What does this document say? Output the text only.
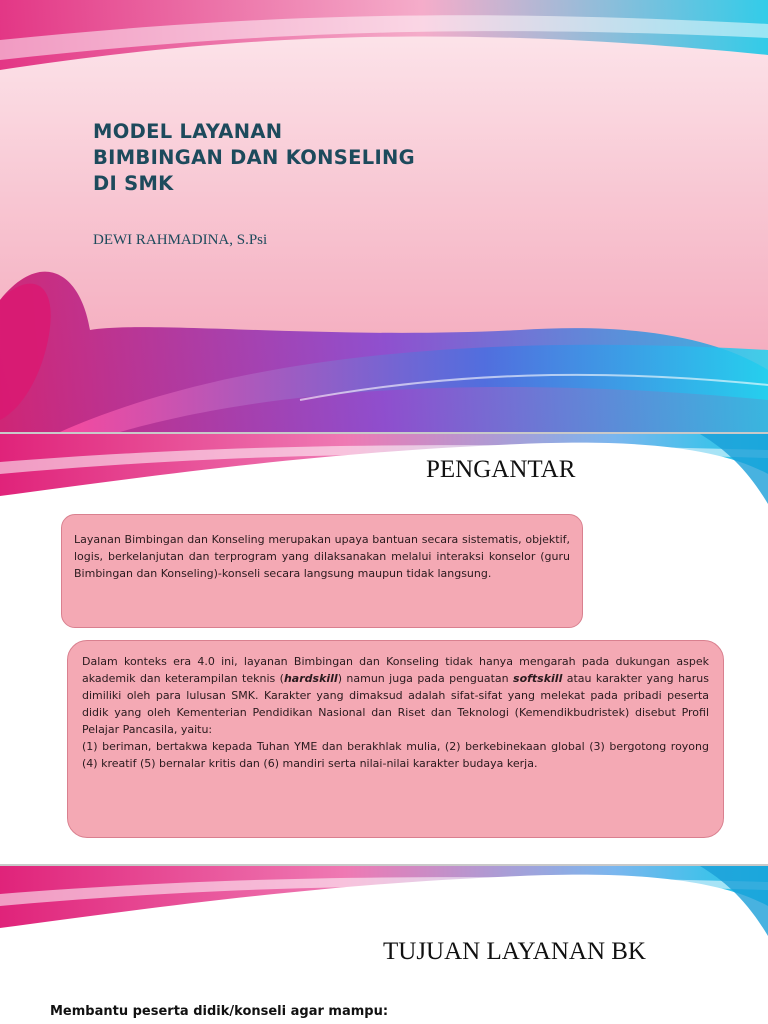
MODEL LAYANAN
BIMBINGAN DAN KONSELING
DI SMK
DEWI RAHMADINA, S.Psi
PENGANTAR

Layanan Bimbingan dan Konseling merupakan upaya bantuan secara sistematis, objektif, logis, berkelanjutan dan terprogram yang dilaksanakan melalui interaksi konselor (guru Bimbingan dan Konseling)-konseli secara langsung maupun tidak langsung.

Dalam konteks era 4.0 ini, layanan Bimbingan dan Konseling tidak hanya mengarah pada dukungan aspek akademik dan keterampilan teknis (hardskill) namun juga pada penguatan softskill atau karakter yang harus dimiliki oleh para lulusan SMK. Karakter yang dimaksud adalah sifat-sifat yang melekat pada pribadi peserta didik yang oleh Kementerian Pendidikan Nasional dan Riset dan Teknologi (Kemendikbudristek) disebut Profil Pelajar Pancasila, yaitu:

(1) beriman, bertakwa kepada Tuhan YME dan berakhlak mulia, (2) berkebinekaan global (3) bergotong royong (4) kreatif (5) bernalar kritis dan (6) mandiri serta nilai-nilai karakter budaya kerja.

TUJUAN LAYANAN BK
Membantu peserta didik/konseli agar mampu:
